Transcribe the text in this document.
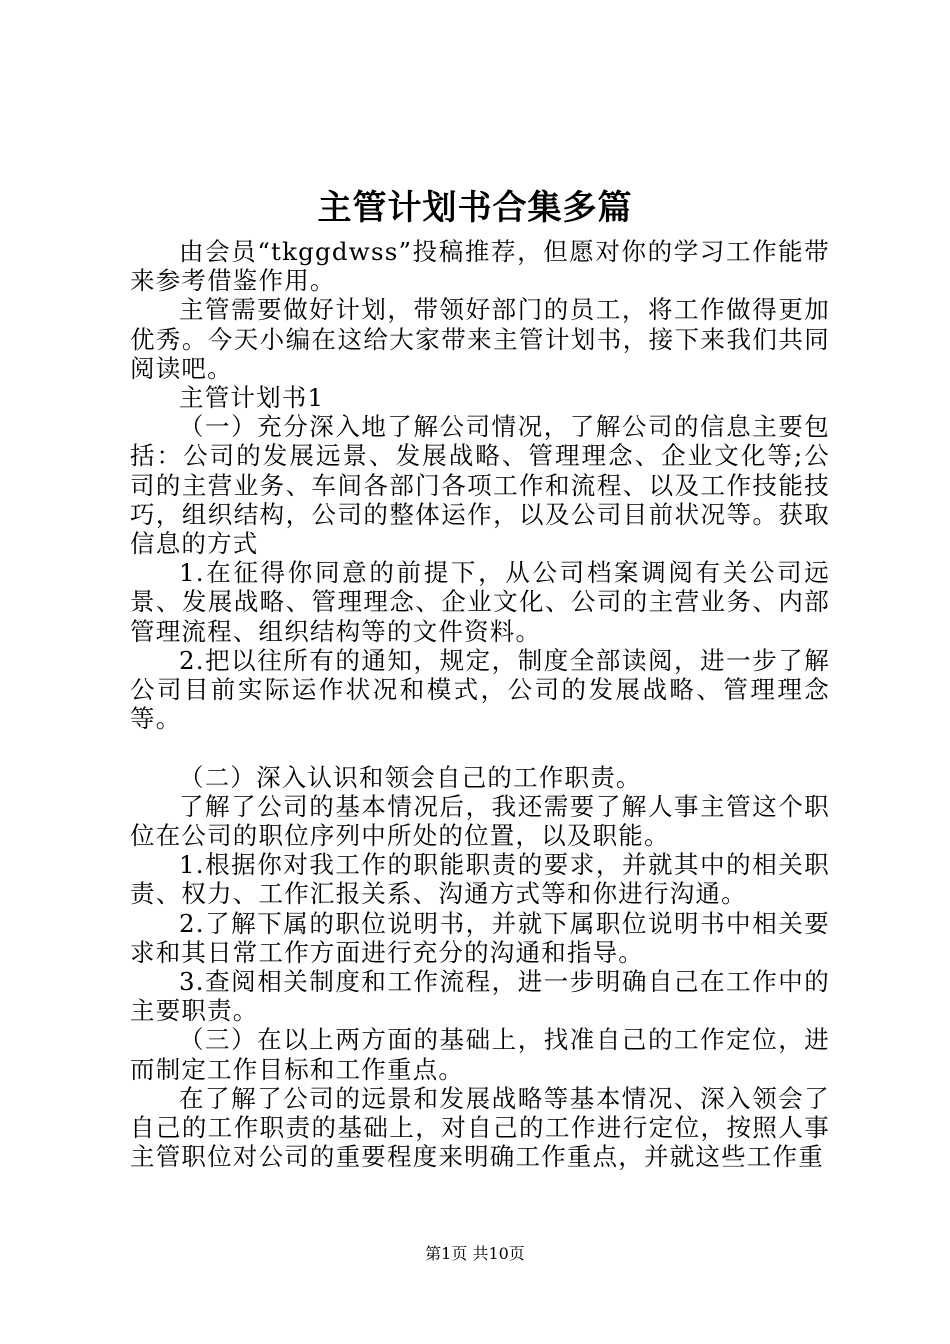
主管计划书合集多篇

由会员“tkggdwss”投稿推荐，但愿对你的学习工作能带来参考借鉴作用。

主管需要做好计划，带领好部门的员工，将工作做得更加优秀。今天小编在这给大家带来主管计划书，接下来我们共同阅读吧。

主管计划书1

（一）充分深入地了解公司情况，了解公司的信息主要包括：公司的发展远景、发展战略、管理理念、企业文化等;公司的主营业务、车间各部门各项工作和流程、以及工作技能技巧，组织结构，公司的整体运作，以及公司目前状况等。获取信息的方式

1.在征得你同意的前提下，从公司档案调阅有关公司远景、发展战略、管理理念、企业文化、公司的主营业务、内部管理流程、组织结构等的文件资料。

2.把以往所有的通知，规定，制度全部读阅，进一步了解公司目前实际运作状况和模式，公司的发展战略、管理理念等。

（二）深入认识和领会自己的工作职责。

了解了公司的基本情况后，我还需要了解人事主管这个职位在公司的职位序列中所处的位置，以及职能。

1.根据你对我工作的职能职责的要求，并就其中的相关职责、权力、工作汇报关系、沟通方式等和你进行沟通。

2.了解下属的职位说明书，并就下属职位说明书中相关要求和其日常工作方面进行充分的沟通和指导。

3.查阅相关制度和工作流程，进一步明确自己在工作中的主要职责。

（三）在以上两方面的基础上，找准自己的工作定位，进而制定工作目标和工作重点。

在了解了公司的远景和发展战略等基本情况、深入领会了自己的工作职责的基础上，对自己的工作进行定位，按照人事主管职位对公司的重要程度来明确工作重点，并就这些工作重

第1页 共10页
